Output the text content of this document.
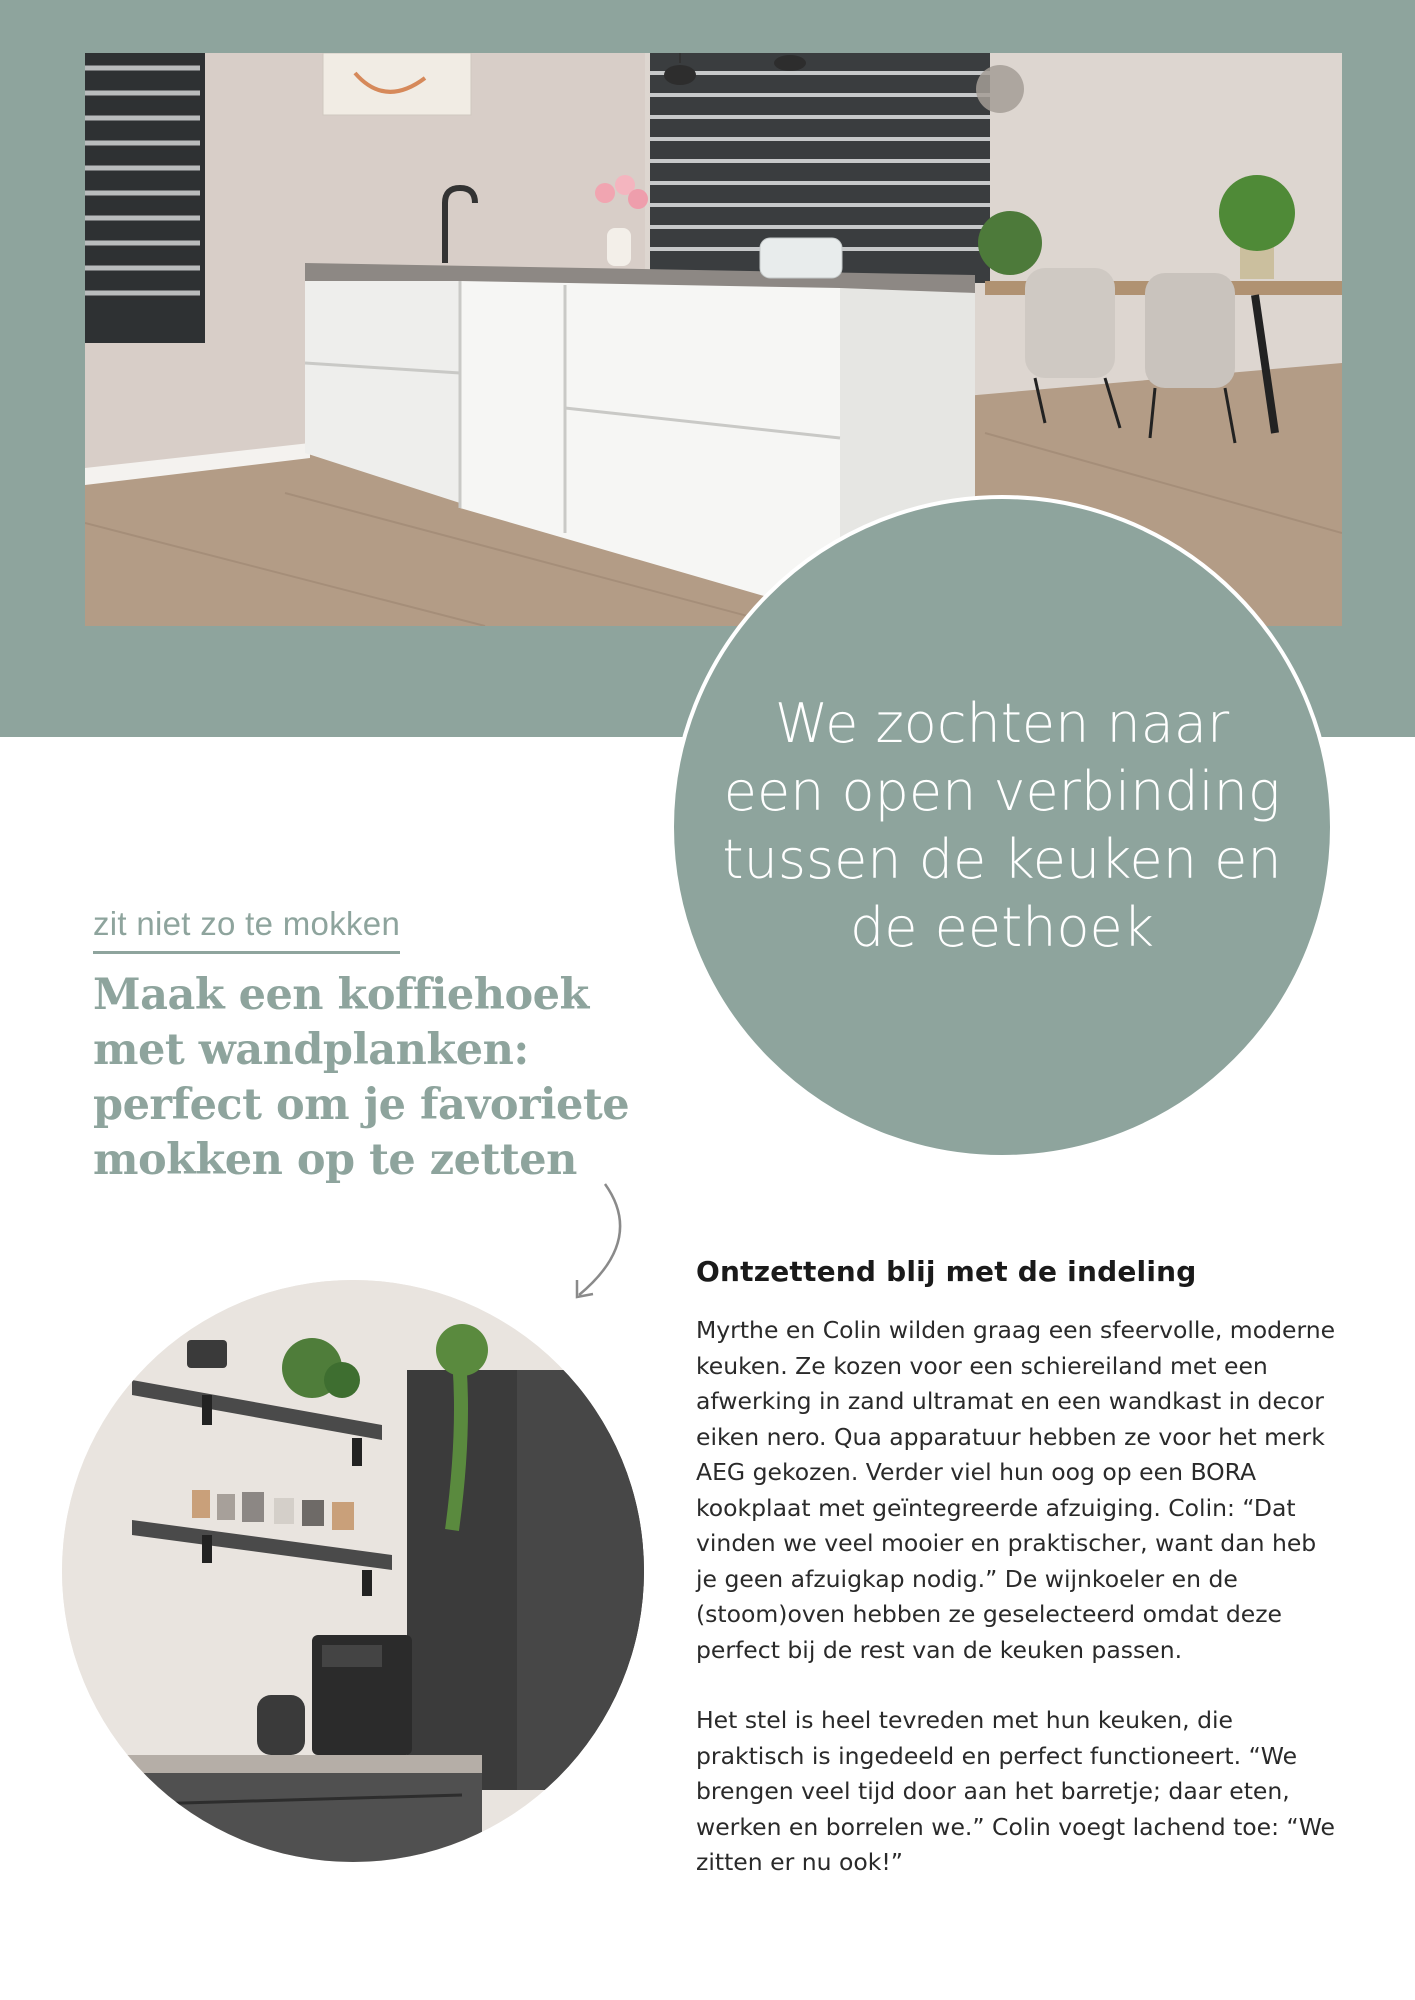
We zochten naar
een open verbinding
tussen de keuken en
de eethoek
zit niet zo te mokken
Maak een koffiehoek
met wandplanken:
perfect om je favoriete
mokken op te zetten
Ontzettend blij met de indeling

Myrthe en Colin wilden graag een sfeervolle, moderne keuken. Ze kozen voor een schiereiland met een afwerking in zand ultramat en een wandkast in decor eiken nero. Qua apparatuur hebben ze voor het merk AEG gekozen. Verder viel hun oog op een BORA kookplaat met geïntegreerde afzuiging. Colin: “Dat vinden we veel mooier en praktischer, want dan heb je geen afzuigkap nodig.” De wijnkoeler en de (stoom)oven hebben ze geselecteerd omdat deze perfect bij de rest van de keuken passen.

Het stel is heel tevreden met hun keuken, die praktisch is ingedeeld en perfect functioneert. “We brengen veel tijd door aan het barretje; daar eten, werken en borrelen we.” Colin voegt lachend toe: “We zitten er nu ook!”
